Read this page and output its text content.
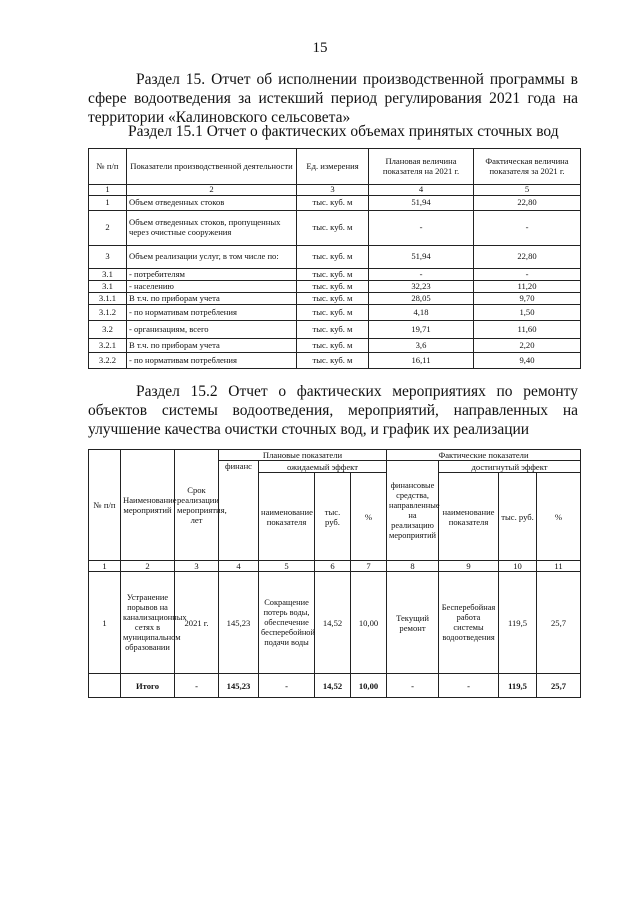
15
Раздел 15. Отчет об исполнении производственной программы в сфере водоотведения за истекший период регулирования 2021 года на территории «Калиновского сельсовета»
Раздел 15.1 Отчет о фактических объемах принятых сточных вод
№ п/п	Показатели производственной деятельности	Ед. измерения	Плановая величина показателя на 2021 г.	Фактическая величина показателя за 2021 г.
1	2	3	4	5
1	Объем отведенных стоков	тыс. куб. м	51,94	22,80
2	Объем отведенных стоков, пропущенных через очистные сооружения	тыс. куб. м	-	-
3	Объем реализации услуг, в том числе по:	тыс. куб. м	51,94	22,80
3.1	- потребителям	тыс. куб. м	-	-
3.1	- населению	тыс. куб. м	32,23	11,20
3.1.1	В т.ч. по приборам учета	тыс. куб. м	28,05	9,70
3.1.2	- по нормативам потребления	тыс. куб. м	4,18	1,50
3.2	- организациям, всего	тыс. куб. м	19,71	11,60
3.2.1	В т.ч. по приборам учета	тыс. куб. м	3,6	2,20
3.2.2	- по нормативам потребления	тыс. куб. м	16,11	9,40
Раздел 15.2 Отчет о фактических мероприятиях по ремонту объектов системы водоотведения, мероприятий, направленных на улучшение качества очистки сточных вод, и график их реализации
№ п/п	Наименование мероприятий	Срок реализации мероприятия, лет	Плановые показатели				Фактические показатели			
			финанс	ожидаемый эффект			финансовые средства, направленные на реализацию мероприятий	достигнутый эффект		
				наименование показателя	тыс. руб.	%		наименование показателя	тыс. руб.	%
1	2	3	4	5	6	7	8	9	10	11
1	Устранение порывов на канализационных сетях в муниципальном образовании	2021 г.	145,23	Сокращение потерь воды, обеспечение бесперебойной подачи воды	14,52	10,00	Текущий ремонт	Бесперебойная работа системы водоотведения	119,5	25,7
	Итого	-	145,23	-	14,52	10,00	-	-	119,5	25,7
